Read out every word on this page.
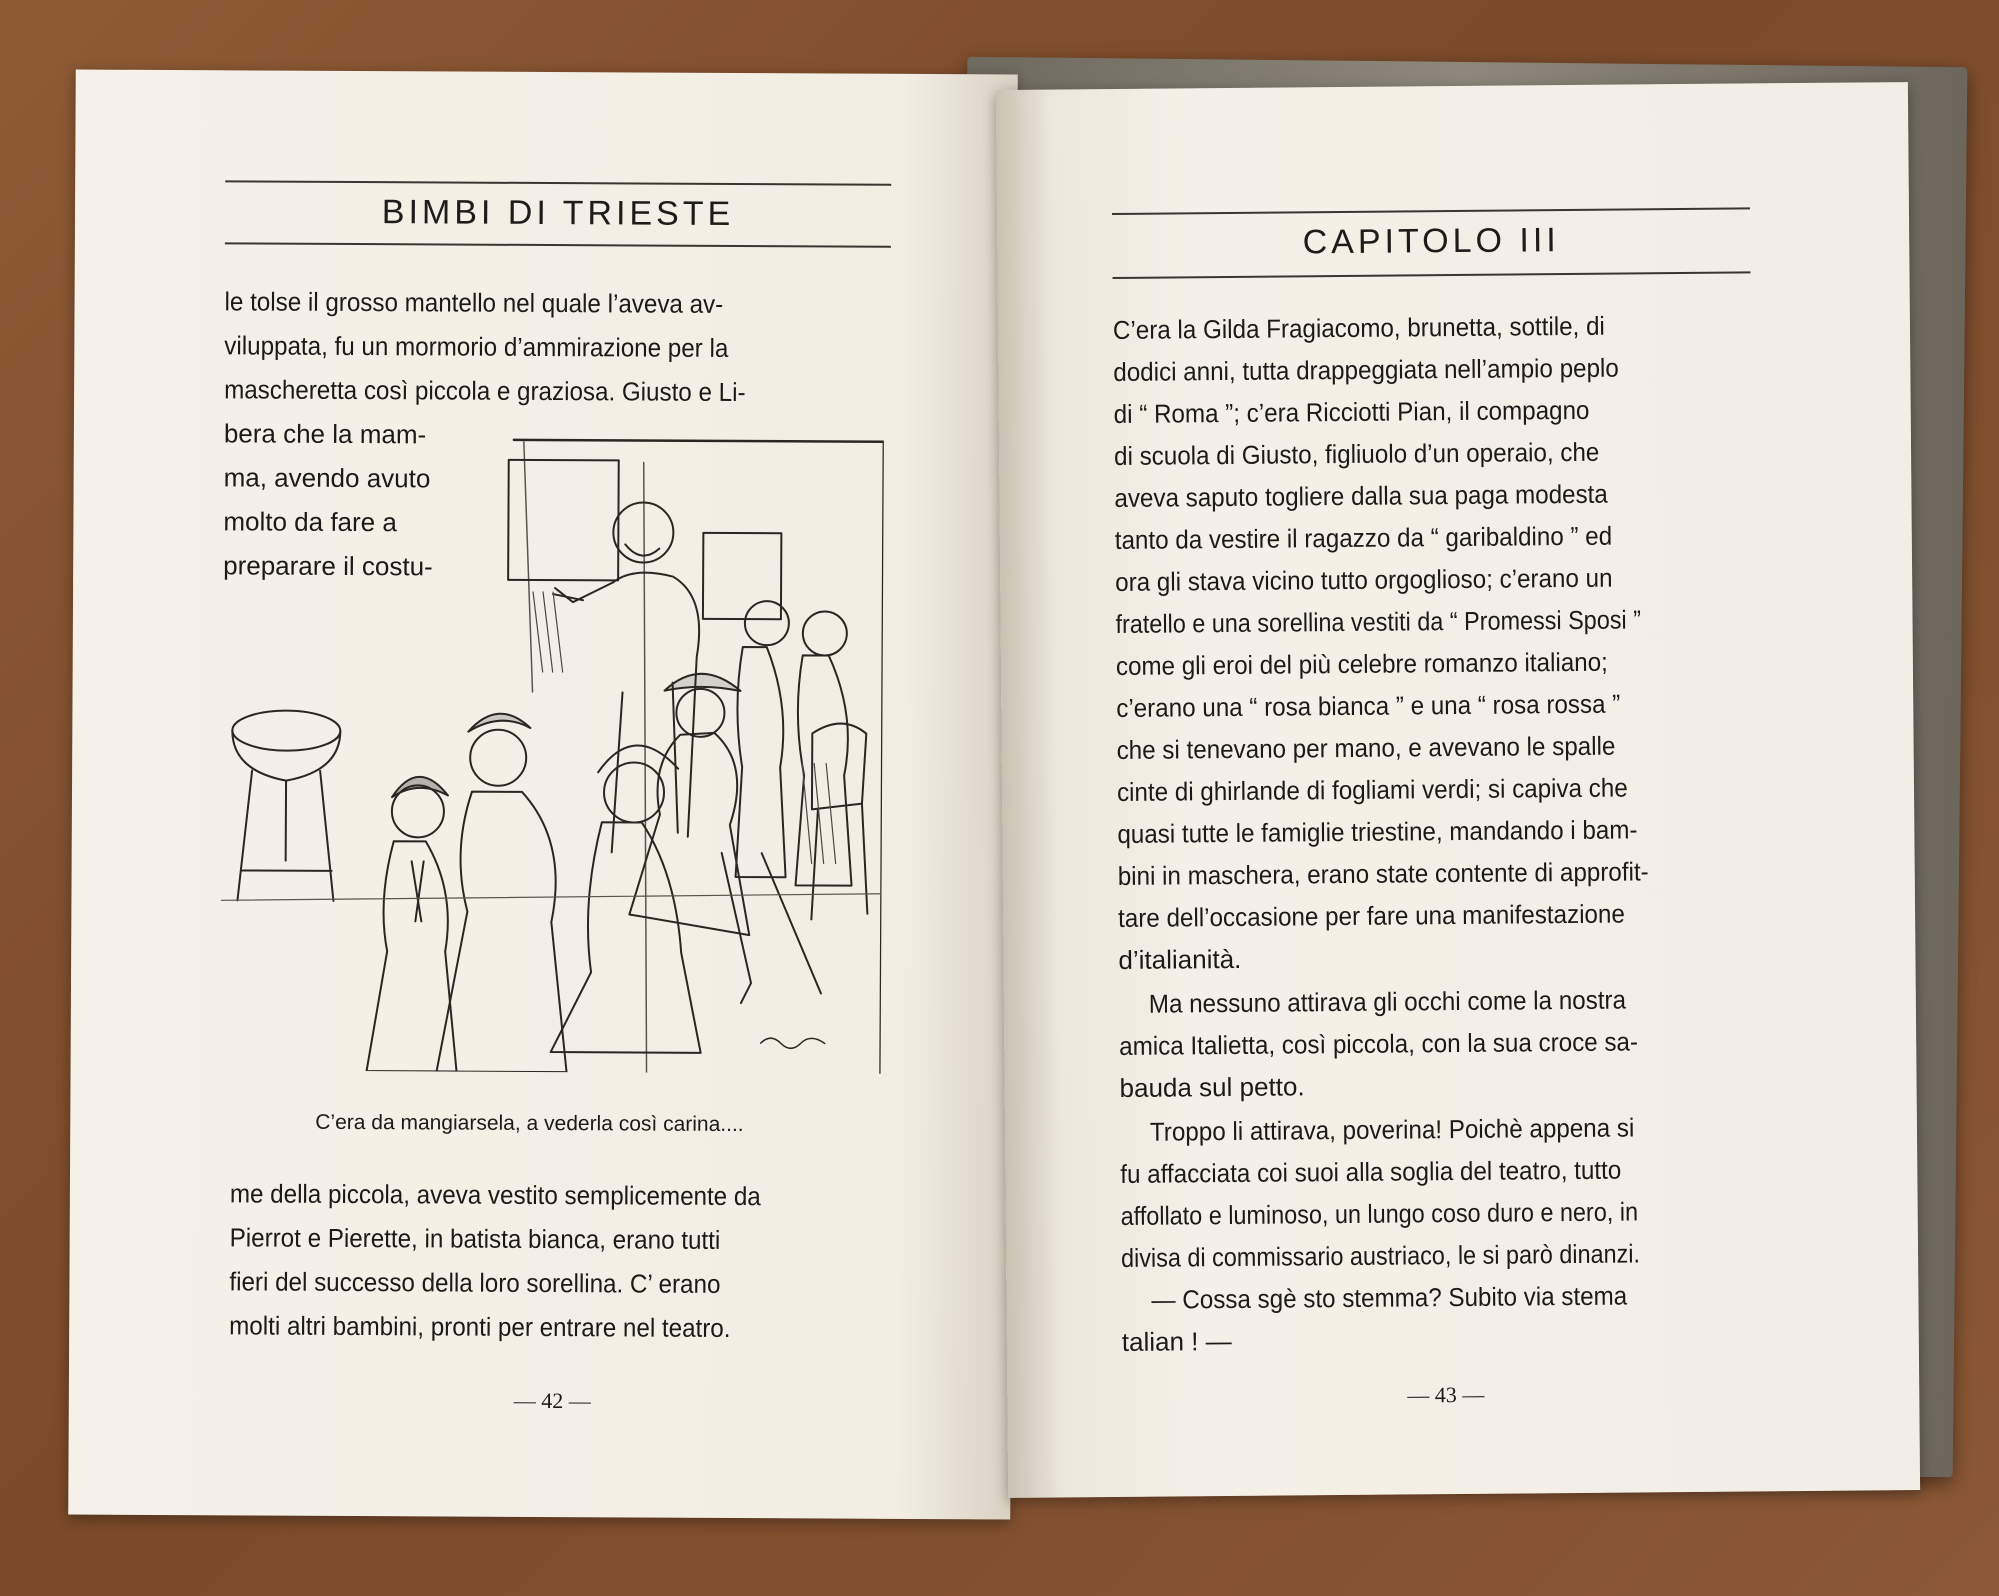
BIMBI DI TRIESTE
le tolse il grosso mantello nel quale l’aveva av-
viluppata, fu un mormorio d’ammirazione per la
mascheretta così piccola e graziosa. Giusto e Li-
bera che la mam-
ma, avendo avuto
molto da fare a
preparare il costu-
C’era da mangiarsela, a vederla così carina....
me della piccola, aveva vestito semplicemente da
Pierrot e Pierette, in batista bianca, erano tutti
fieri del successo della loro sorellina. C’ erano
molti altri bambini, pronti per entrare nel teatro.
— 42 —
CAPITOLO III
C’era la Gilda Fragiacomo, brunetta, sottile, di
dodici anni, tutta drappeggiata nell’ampio peplo
di “ Roma ”; c’era Ricciotti Pian, il compagno
di scuola di Giusto, figliuolo d’un operaio, che
aveva saputo togliere dalla sua paga modesta
tanto da vestire il ragazzo da “ garibaldino ” ed
ora gli stava vicino tutto orgoglioso; c’erano un
fratello e una sorellina vestiti da “ Promessi Sposi ”
come gli eroi del più celebre romanzo italiano;
c’erano una “ rosa bianca ” e una “ rosa rossa ”
che si tenevano per mano, e avevano le spalle
cinte di ghirlande di fogliami verdi; si capiva che
quasi tutte le famiglie triestine, mandando i bam-
bini in maschera, erano state contente di approfit-
tare dell’occasione per fare una manifestazione
d’italianità.
Ma nessuno attirava gli occhi come la nostra
amica Italietta, così piccola, con la sua croce sa-
bauda sul petto.
Troppo li attirava, poverina! Poichè appena si
fu affacciata coi suoi alla soglia del teatro, tutto
affollato e luminoso, un lungo coso duro e nero, in
divisa di commissario austriaco, le si parò dinanzi.
— Cossa sgè sto stemma? Subito via stema
talian ! —
— 43 —
